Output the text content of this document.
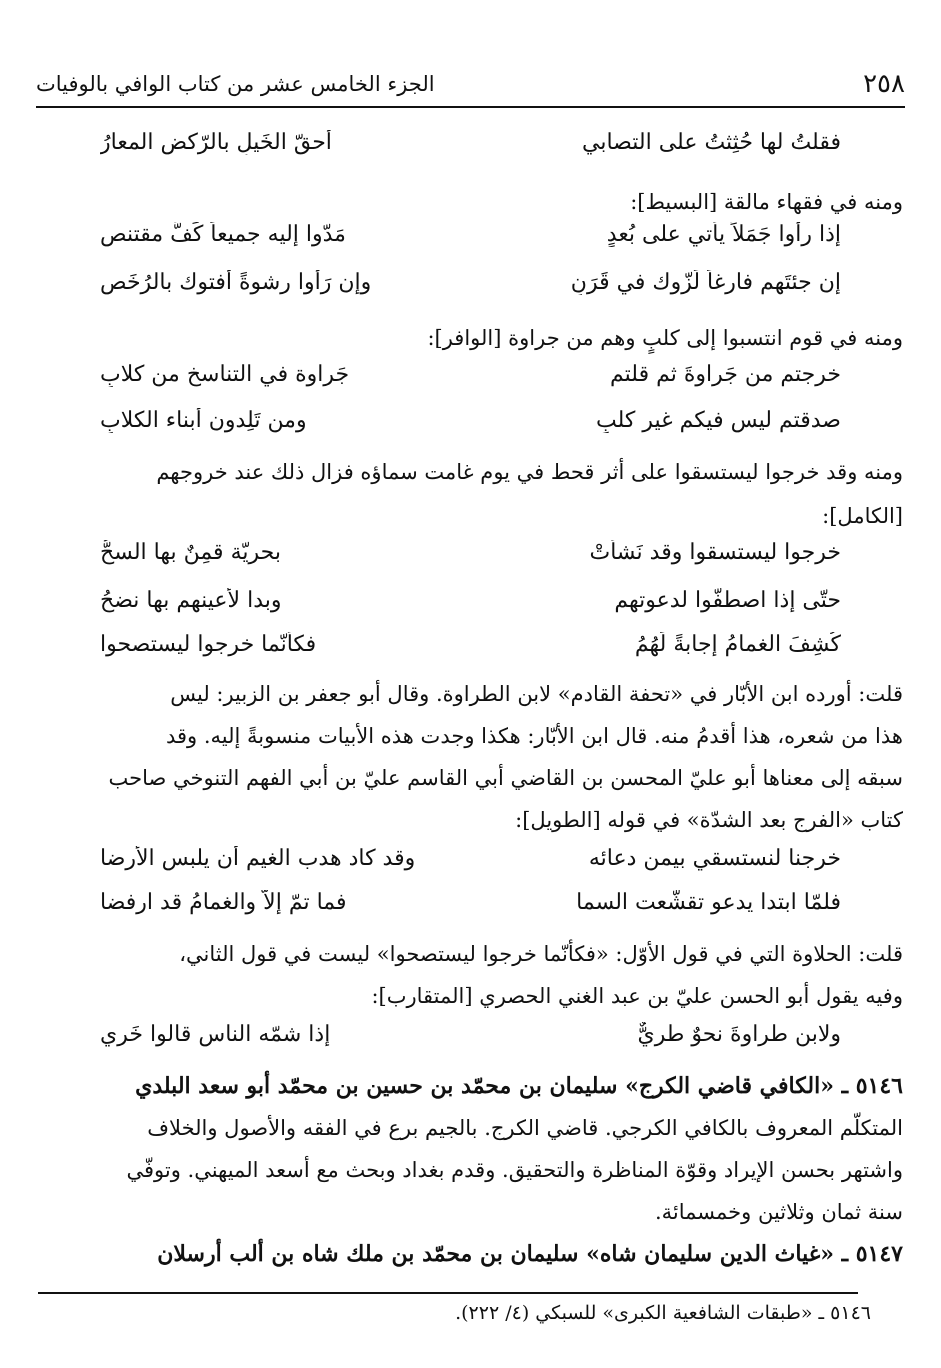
٢٥٨
الجزء الخامس عشر من كتاب الوافي بالوفيات
فقلتُ لها حُثِثتُ على التصابي
أحقّ الخَيلِ بالرّكض المعارُ
ومنه في فقهاء مالقة [البسيط]:
إذا رأوا جَمَلاً يأتي على بُعدٍ
مَدّوا إليه جميعاً كَفَّ مقتنصِ
إن جئتَهم فارغاً لَزّوك في قَرَنٍ
وإن رَأوا رشوةً أفتوك بالرُخَصِ
ومنه في قوم انتسبوا إلى كلبٍ وهم من جراوة [الوافر]:
خرجتم من جَراوةَ ثم قلتم
جَراوة في التناسخ من كلابِ
صدقتم ليس فيكم غير كلبٍ
ومن تَلِدون أبناء الكلابِ
ومنه وقد خرجوا ليستسقوا على أثر قحط في يوم غامت سماؤه فزال ذلك عند خروجهم
[الكامل]:
خرجوا ليستسقوا وقد نَشأتْ
بحريّة قمِنٌ بها السحُّ
حتّى إذا اصطفّوا لدعوتهم
وبدا لأعينهم بها نضحُ
كُشِفَ الغمامُ إجابةً لَهُمُ
فكأنّما خرجوا ليستصحوا
قلت: أورده ابن الأبّار في «تحفة القادم» لابن الطراوة. وقال أبو جعفر بن الزبير: ليس
هذا من شعره، هذا أقدمُ منه. قال ابن الأبّار: هكذا وجدت هذه الأبيات منسوبةً إليه. وقد
سبقه إلى معناها أبو عليّ المحسن بن القاضي أبي القاسم عليّ بن أبي الفهم التنوخي صاحب
كتاب «الفرج بعد الشدّة» في قوله [الطويل]:
خرجنا لنستسقي بيمن دعائه
وقد كاد هدب الغيم أن يلبس الأرضا
فلمّا ابتدا يدعو تقشّعت السما
فما تمّ إلاّ والغمامُ قد ارفضا
قلت: الحلاوة التي في قول الأوّل: «فكأنّما خرجوا ليستصحوا» ليست في قول الثاني،
وفيه يقول أبو الحسن عليّ بن عبد الغني الحصري [المتقارب]:
ولابنِ طراوةَ نحوٌ طريٌّ
إذا شمّه الناس قالوا خَري
٥١٤٦ ـ «الكافي قاضي الكرج» سليمان بن محمّد بن حسين بن محمّد أبو سعد البلدي
المتكلّم المعروف بالكافي الكرجي. قاضي الكرج. بالجيم برع في الفقه والأصول والخلاف
واشتهر بحسن الإيراد وقوّة المناظرة والتحقيق. وقدم بغداد وبحث مع أسعد الميهني. وتوفّي
سنة ثمان وثلاثين وخمسمائة.
٥١٤٧ ـ «غياث الدين سليمان شاه» سليمان بن محمّد بن ملك شاه بن ألب أرسلان
٥١٤٦ ـ «طبقات الشافعية الكبرى» للسبكي (٤/ ٢٢٢).
